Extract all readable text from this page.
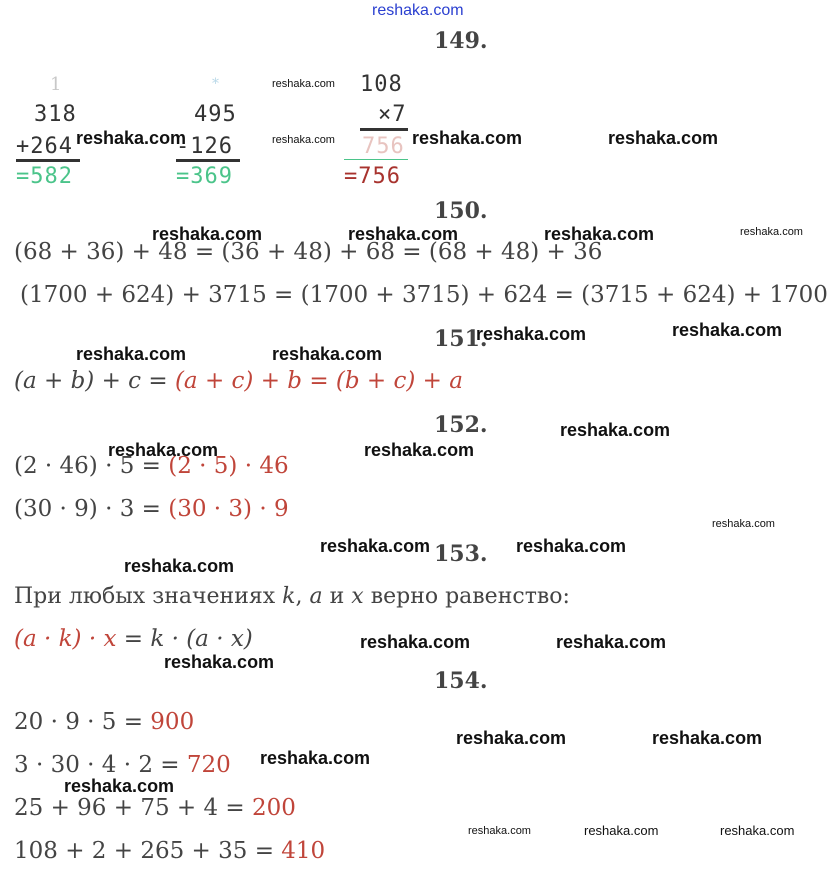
reshaka.com
149.
1
318
+264
=582
*
495
-126
=369
108
×7
756
=756
150.
(68 + 36) + 48 = (36 + 48) + 68 = (68 + 48) + 36
(1700 + 624) + 3715 = (1700 + 3715) + 624 = (3715 + 624) + 1700
151.
(a + b) + c = (a + c) + b = (b + c) + a
152.
(2 · 46) · 5 = (2 · 5) · 46
(30 · 9) · 3 = (30 · 3) · 9
153.
При любых значениях k, a и x верно равенство:
(a · k) · x = k · (a · x)
154.
20 · 9 · 5 = 900
3 · 30 · 4 · 2 = 720
25 + 96 + 75 + 4 = 200
108 + 2 + 265 + 35 = 410
reshaka.com
reshaka.com
reshaka.com	reshaka.com	reshaka.com
reshaka.com	reshaka.com	reshaka.com	reshaka.com
reshaka.com	reshaka.com
reshaka.com	reshaka.com
reshaka.com
reshaka.com	reshaka.com
reshaka.com
reshaka.com	reshaka.com
reshaka.com
reshaka.com	reshaka.com
reshaka.com
reshaka.com	reshaka.com
reshaka.com
reshaka.com
reshaka.com	reshaka.com	reshaka.com
